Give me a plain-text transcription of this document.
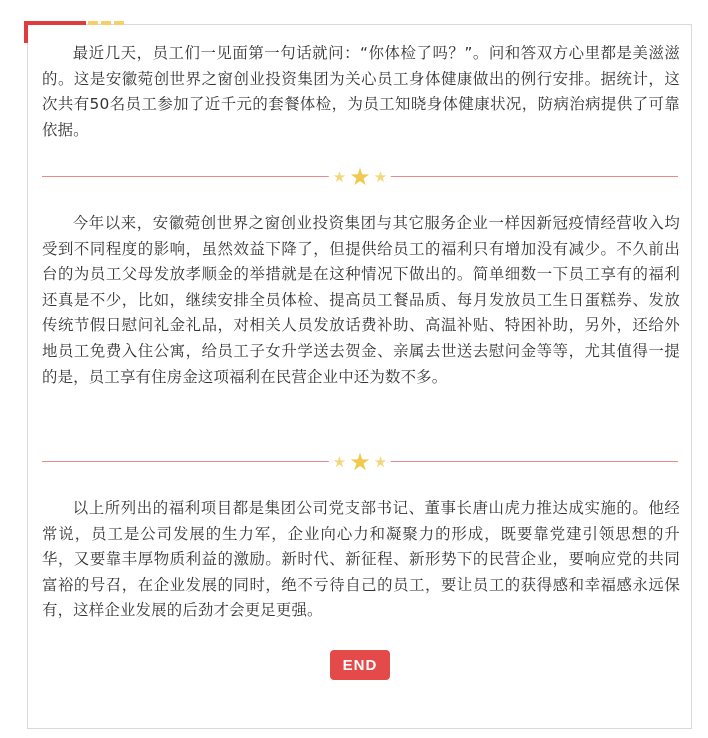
最近几天，员工们一见面第一句话就问：“你体检了吗？”。问和答双方心里都是美滋滋的。这是安徽菀创世界之窗创业投资集团为关心员工身体健康做出的例行安排。据统计，这次共有50名员工参加了近千元的套餐体检，为员工知晓身体健康状况，防病治病提供了可靠依据。

★ ★ ★

今年以来，安徽菀创世界之窗创业投资集团与其它服务企业一样因新冠疫情经营收入均受到不同程度的影响，虽然效益下降了，但提供给员工的福利只有增加没有减少。不久前出台的为员工父母发放孝顺金的举措就是在这种情况下做出的。简单细数一下员工享有的福利还真是不少，比如，继续安排全员体检、提高员工餐品质、每月发放员工生日蛋糕券、发放传统节假日慰问礼金礼品，对相关人员发放话费补助、高温补贴、特困补助，另外，还给外地员工免费入住公寓，给员工子女升学送去贺金、亲属去世送去慰问金等等，尤其值得一提的是，员工享有住房金这项福利在民营企业中还为数不多。

★ ★ ★

以上所列出的福利项目都是集团公司党支部书记、董事长唐山虎力推达成实施的。他经常说，员工是公司发展的生力军，企业向心力和凝聚力的形成，既要靠党建引领思想的升华，又要靠丰厚物质利益的激励。新时代、新征程、新形势下的民营企业，要响应党的共同富裕的号召，在企业发展的同时，绝不亏待自己的员工，要让员工的获得感和幸福感永远保有，这样企业发展的后劲才会更足更强。

END
